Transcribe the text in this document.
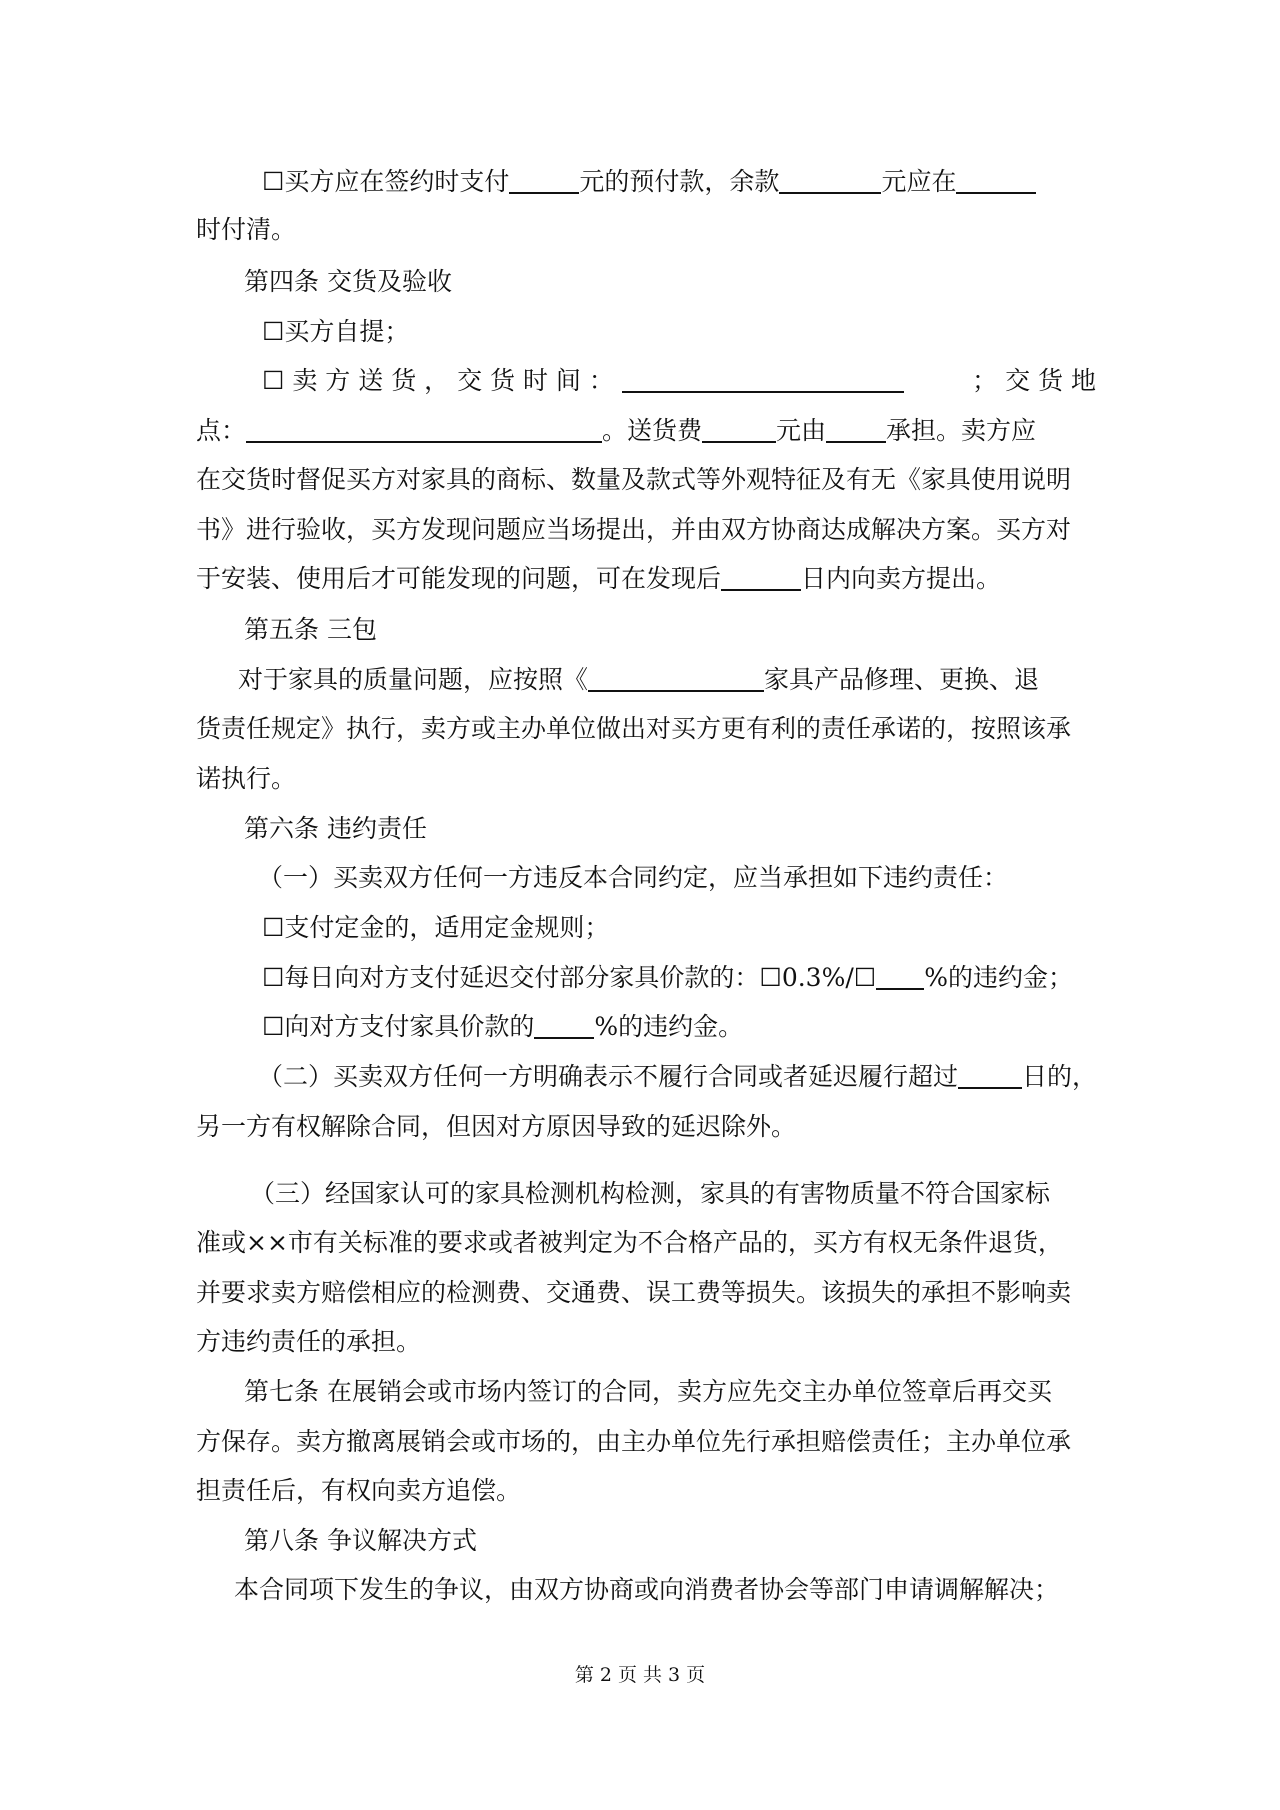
☐买方应在签约时支付	元的预付款，余款	元应在
时付清。
第四条 交货及验收
☐买方自提；
☐ 卖 方 送 货 ， 交 货 时 间 ：	； 交 货 地
点：	。送货费	元由 承担。卖方应
在交货时督促买方对家具的商标、数量及款式等外观特征及有无《家具使用说明
书》进行验收，买方发现问题应当场提出，并由双方协商达成解决方案。买方对
于安装、使用后才可能发现的问题，可在发现后	日内向卖方提出。
第五条 三包
对于家具的质量问题，应按照《	家具产品修理、更换、退
货责任规定》执行，卖方或主办单位做出对买方更有利的责任承诺的，按照该承
诺执行。
第六条 违约责任
（一）买卖双方任何一方违反本合同约定，应当承担如下违约责任：
☐支付定金的，适用定金规则；
☐每日向对方支付延迟交付部分家具价款的：☐0.3%/☐ %的违约金；
☐向对方支付家具价款的 %的违约金。
（二）买卖双方任何一方明确表示不履行合同或者延迟履行超过	日的，
另一方有权解除合同，但因对方原因导致的延迟除外。
（三）经国家认可的家具检测机构检测，家具的有害物质量不符合国家标
准或××市有关标准的要求或者被判定为不合格产品的，买方有权无条件退货，
并要求卖方赔偿相应的检测费、交通费、误工费等损失。该损失的承担不影响卖
方违约责任的承担。
第七条 在展销会或市场内签订的合同，卖方应先交主办单位签章后再交买
方保存。卖方撤离展销会或市场的，由主办单位先行承担赔偿责任；主办单位承
担责任后，有权向卖方追偿。
第八条 争议解决方式
本合同项下发生的争议，由双方协商或向消费者协会等部门申请调解解决；
第 2 页 共 3 页
